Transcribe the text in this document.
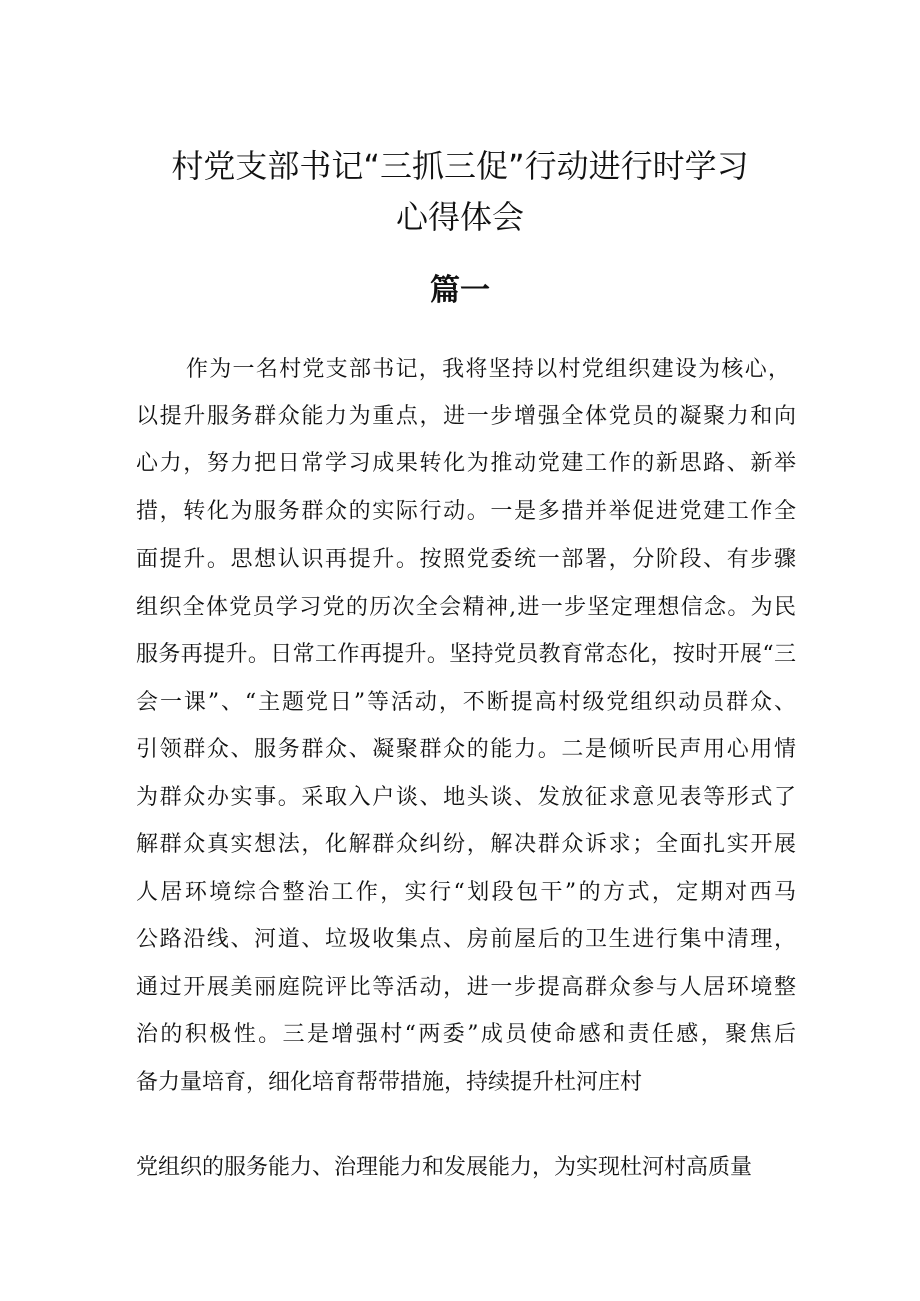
村党支部书记“三抓三促”行动进行时学习
心得体会
篇一
作为一名村党支部书记，我将坚持以村党组织建设为核心，
以提升服务群众能力为重点，进一步增强全体党员的凝聚力和向
心力，努力把日常学习成果转化为推动党建工作的新思路、新举
措，转化为服务群众的实际行动。一是多措并举促进党建工作全
面提升。思想认识再提升。按照党委统一部署，分阶段、有步骤
组织全体党员学习党的历次全会精神,进一步坚定理想信念。为民
服务再提升。日常工作再提升。坚持党员教育常态化，按时开展“三
会一课”、“主题党日”等活动，不断提高村级党组织动员群众、
引领群众、服务群众、凝聚群众的能力。二是倾听民声用心用情
为群众办实事。采取入户谈、地头谈、发放征求意见表等形式了
解群众真实想法，化解群众纠纷，解决群众诉求；全面扎实开展
人居环境综合整治工作，实行“划段包干”的方式，定期对西马
公路沿线、河道、垃圾收集点、房前屋后的卫生进行集中清理，
通过开展美丽庭院评比等活动，进一步提高群众参与人居环境整
治的积极性。三是增强村“两委”成员使命感和责任感，聚焦后
备力量培育，细化培育帮带措施，持续提升杜河庄村
党组织的服务能力、治理能力和发展能力，为实现杜河村高质量
